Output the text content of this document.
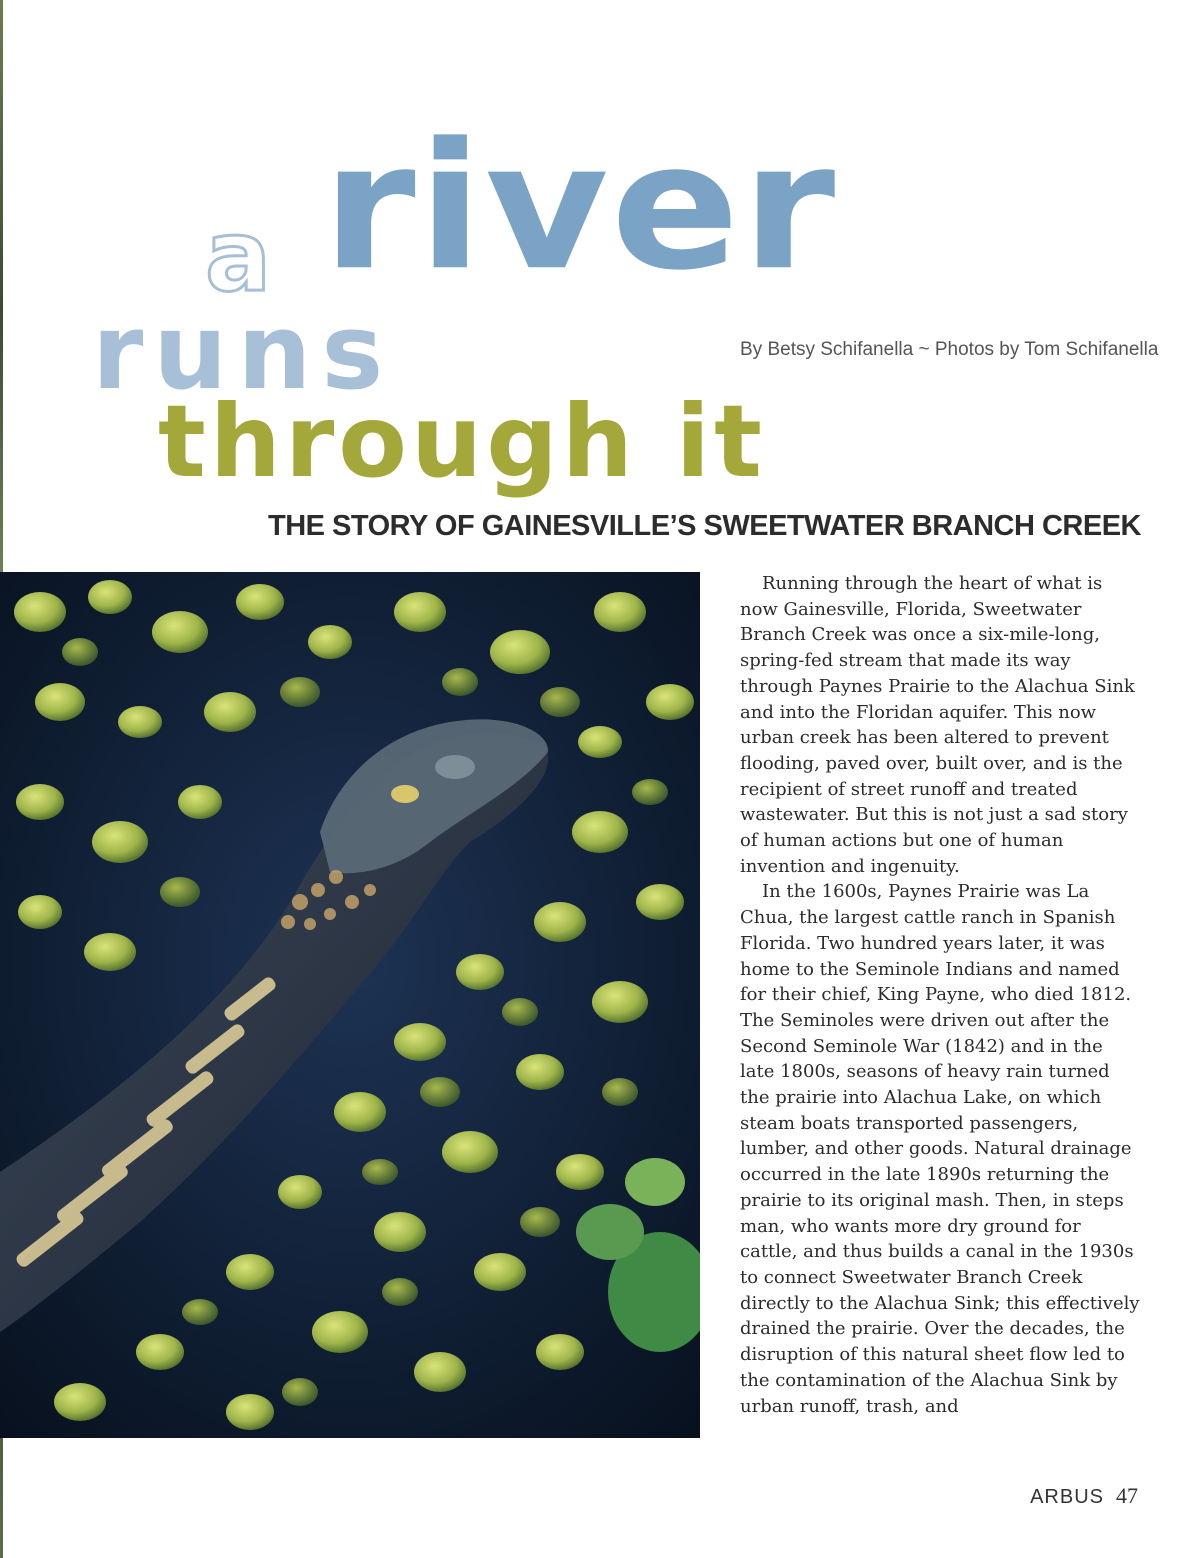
a river
runs
through it

By Betsy Schifanella ~ Photos by Tom Schifanella

THE STORY OF GAINESVILLE’S SWEETWATER BRANCH CREEK

Running through the heart of what is now Gainesville, Florida, Sweetwater Branch Creek was once a six-mile-long, spring-fed stream that made its way through Paynes Prairie to the Alachua Sink and into the Floridan aquifer. This now urban creek has been altered to prevent flooding, paved over, built over, and is the recipient of street runoff and treated wastewater. But this is not just a sad story of human actions but one of human invention and ingenuity.

In the 1600s, Paynes Prairie was La Chua, the largest cattle ranch in Spanish Florida. Two hundred years later, it was home to the Seminole Indians and named for their chief, King Payne, who died 1812. The Seminoles were driven out after the Second Seminole War (1842) and in the late 1800s, seasons of heavy rain turned the prairie into Alachua Lake, on which steam boats transported passengers, lumber, and other goods. Natural drainage occurred in the late 1890s returning the prairie to its original mash. Then, in steps man, who wants more dry ground for cattle, and thus builds a canal in the 1930s to connect Sweetwater Branch Creek directly to the Alachua Sink; this effectively drained the prairie. Over the decades, the disruption of this natural sheet flow led to the contamination of the Alachua Sink by urban runoff, trash, and

ARBUS 47
